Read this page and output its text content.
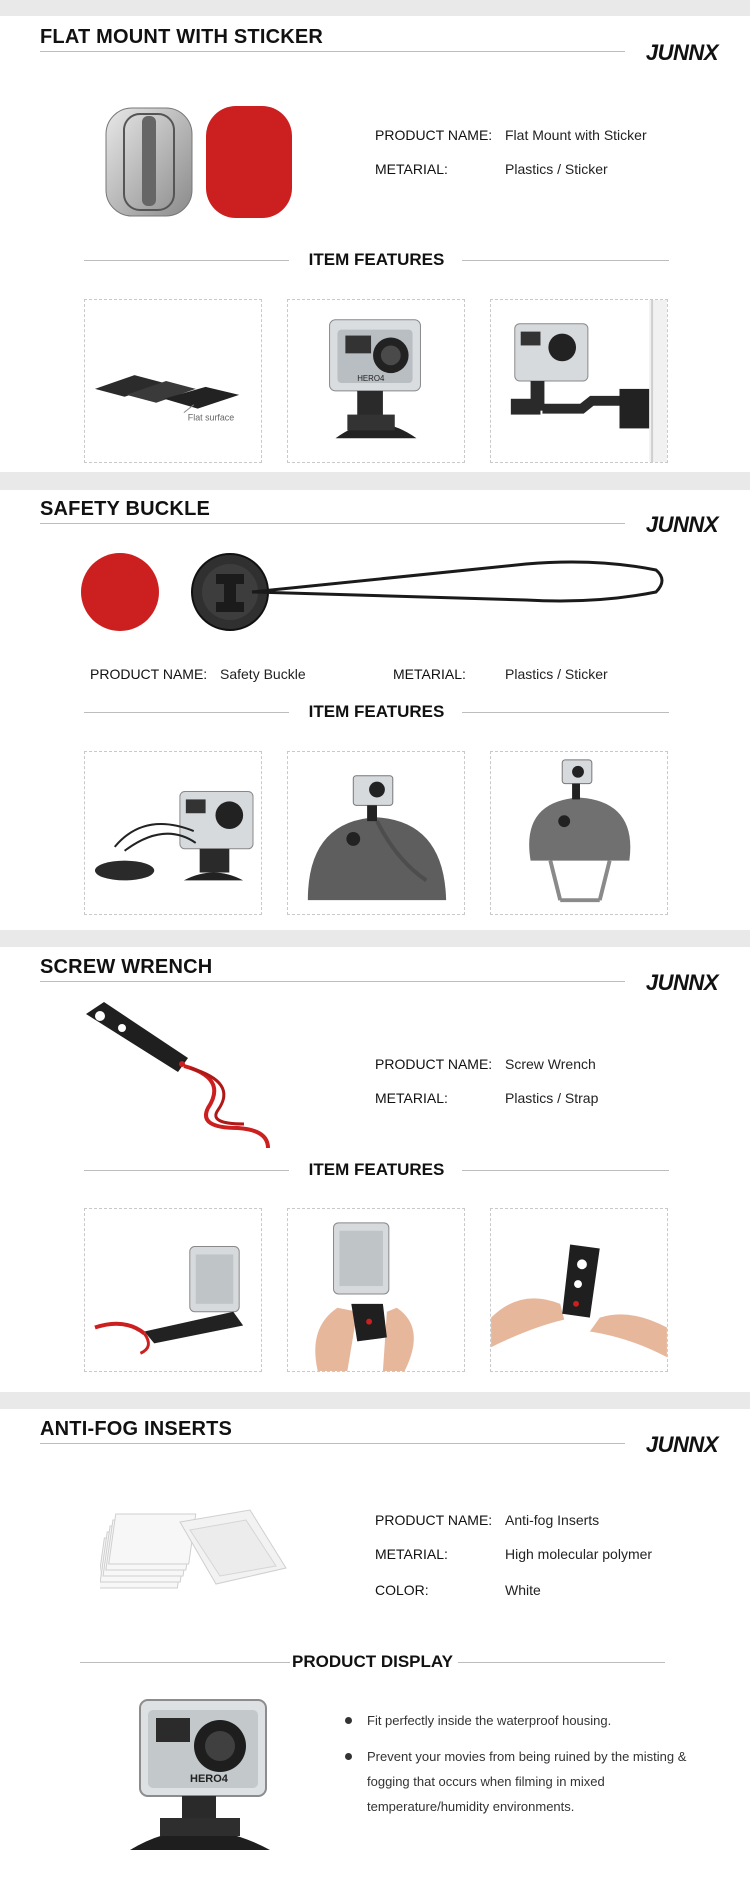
FLAT MOUNT WITH STICKER
JUNNX
PRODUCT NAME: Flat Mount with Sticker
METARIAL:	Plastics / Sticker
ITEM FEATURES
Flat surface
HERO4
SAFETY BUCKLE
JUNNX
PRODUCT NAME: Safety Buckle	METARIAL:	Plastics / Sticker
ITEM FEATURES
SCREW WRENCH
JUNNX
PRODUCT NAME: Screw Wrench
METARIAL:	Plastics / Strap
ITEM FEATURES
ANTI-FOG INSERTS
JUNNX
PRODUCT NAME: Anti-fog Inserts
METARIAL:	High molecular polymer
COLOR:	White
PRODUCT DISPLAY
HERO4
Fit perfectly inside the waterproof housing.
Prevent your movies from being ruined by the misting & fogging that occurs when filming in mixed temperature/humidity environments.
